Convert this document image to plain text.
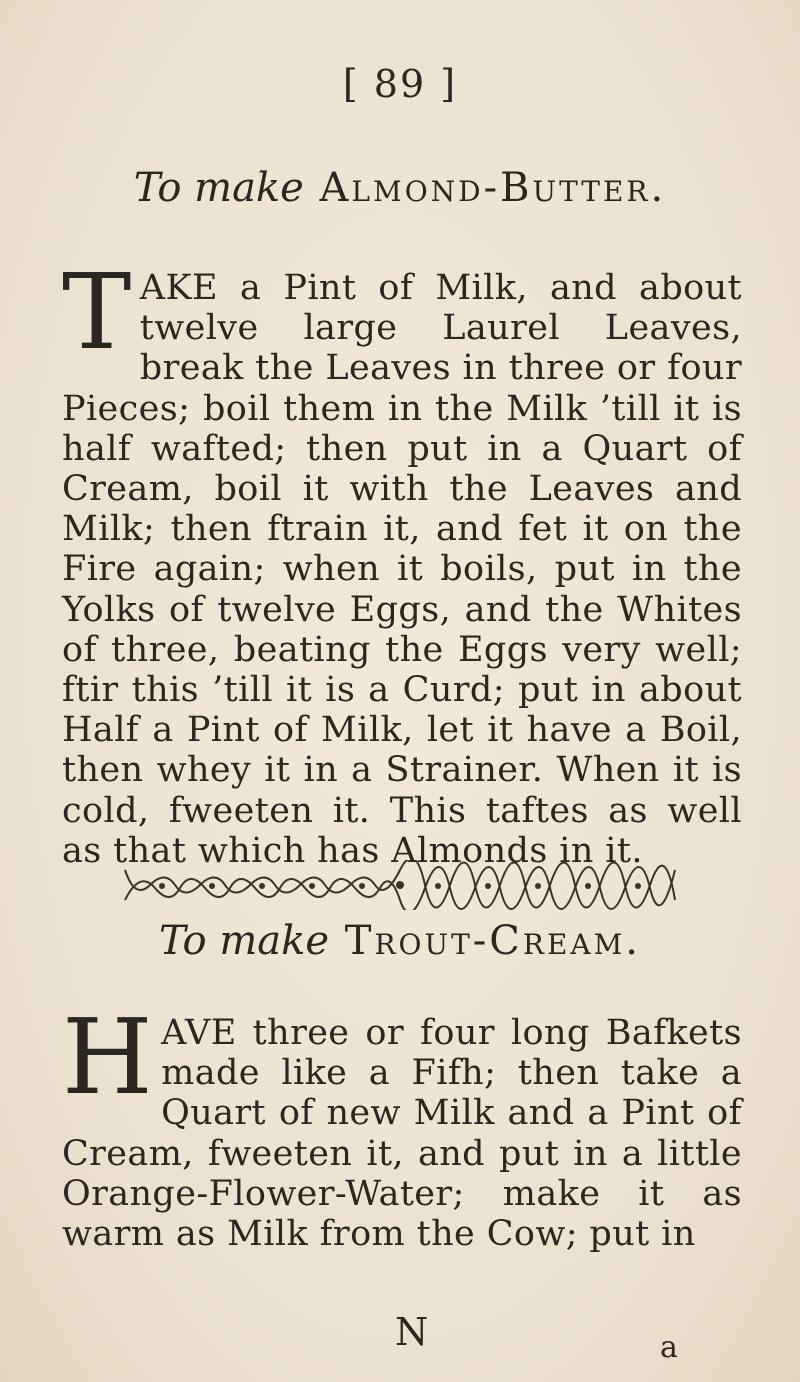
[ 89 ]
To make Almond-Butter.
T AKE a Pint of Milk, and about twelve large Laurel Leaves, break the Leaves in three or four Pieces; boil them in the Milk ’till it is half wafted; then put in a Quart of Cream, boil it with the Leaves and Milk; then ftrain it, and fet it on the Fire again; when it boils, put in the Yolks of twelve Eggs, and the Whites of three, beating the Eggs very well; ftir this ’till it is a Curd; put in about Half a Pint of Milk, let it have a Boil, then whey it in a Strainer. When it is cold, fweeten it. This taftes as well as that which has Almonds in it.
To make Trout-Cream.
H AVE three or four long Bafkets made like a Fifh; then take a Quart of new Milk and a Pint of Cream, fweeten it, and put in a little Orange-Flower-Water; make it as warm as Milk from the Cow; put in
N	a
